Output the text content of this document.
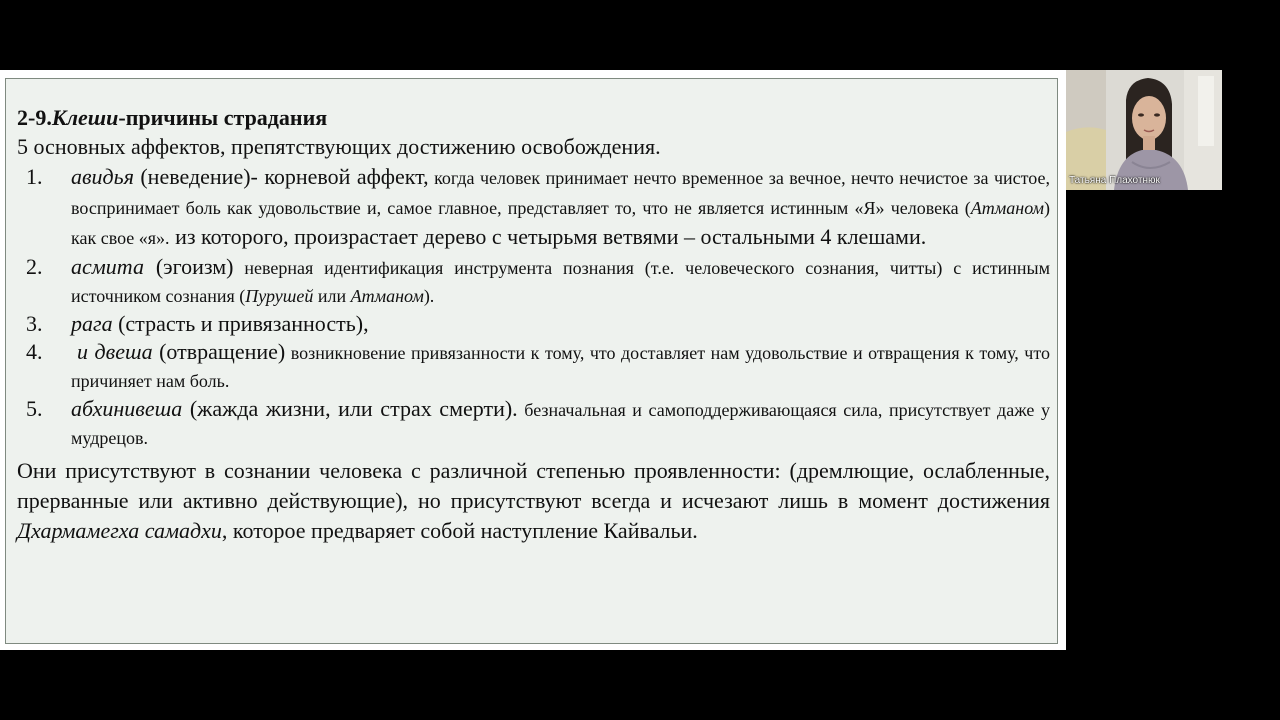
2-9.Клеши-причины страдания

5 основных аффектов, препятствующих достижению освобождения.

1. авидья (неведение)- корневой аффект, когда человек принимает нечто временное за вечное, нечто нечистое за чистое, воспринимает боль как удовольствие и, самое главное, представляет то, что не является истинным «Я» человека (Атманом) как свое «я». из которого, произрастает дерево с четырьмя ветвями – остальными 4 клешами.
2. асмита (эгоизм) неверная идентификация инструмента познания (т.е. человеческого сознания, читты) с истинным источником сознания (Пурушей или Атманом).
3. рага (страсть и привязанность),
4. и двеша (отвращение) возникновение привязанности к тому, что доставляет нам удовольствие и отвращения к тому, что причиняет нам боль.
5. абхинивеша (жажда жизни, или страх смерти). безначальная и самоподдерживающаяся сила, присутствует даже у мудрецов.

Они присутствуют в сознании человека с различной степенью проявленности: (дремлющие, ослабленные, прерванные или активно действующие), но присутствуют всегда и исчезают лишь в момент достижения Дхармамегха самадхи, которое предваряет собой наступление Кайвальи.

Татьяна Плахотнюк
